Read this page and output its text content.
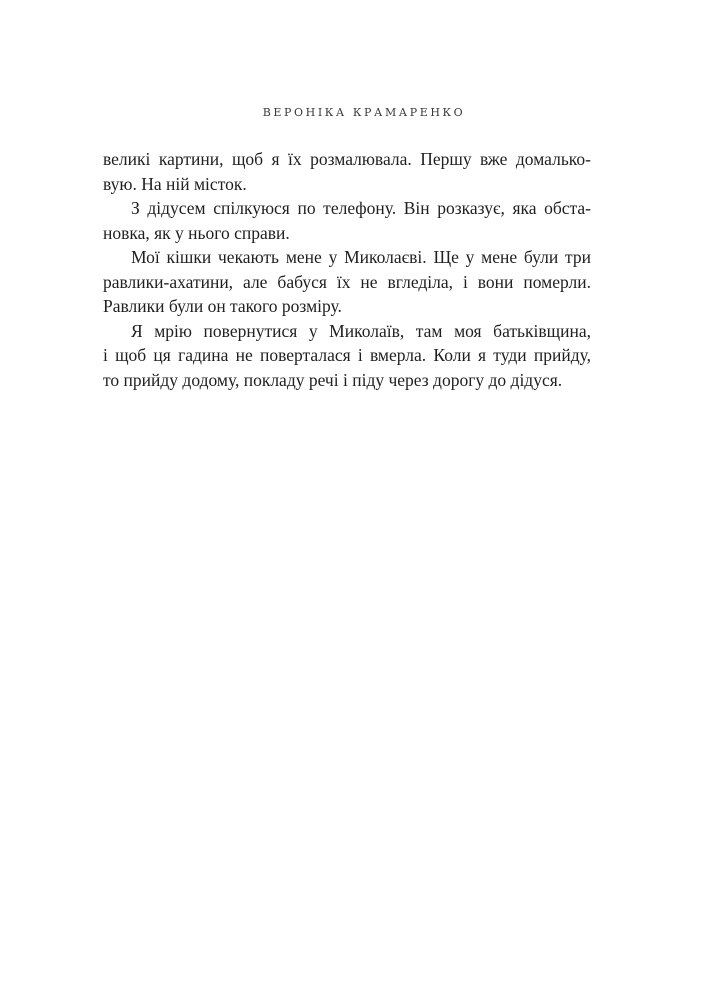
ВЕРОНІКА КРАМАРЕНКО
великі картини, щоб я їх розмалювала. Першу вже домалько-
вую. На ній місток.
З дідусем спілкуюся по телефону. Він розказує, яка обста-
новка, як у нього справи.
Мої кішки чекають мене у Миколаєві. Ще у мене були три
равлики-ахатини, але бабуся їх не вгледіла, і вони померли.
Равлики були он такого розміру.
Я мрію повернутися у Миколаїв, там моя батьківщина,
і щоб ця гадина не поверталася і вмерла. Коли я туди прийду,
то прийду додому, покладу речі і піду через дорогу до дідуся.
